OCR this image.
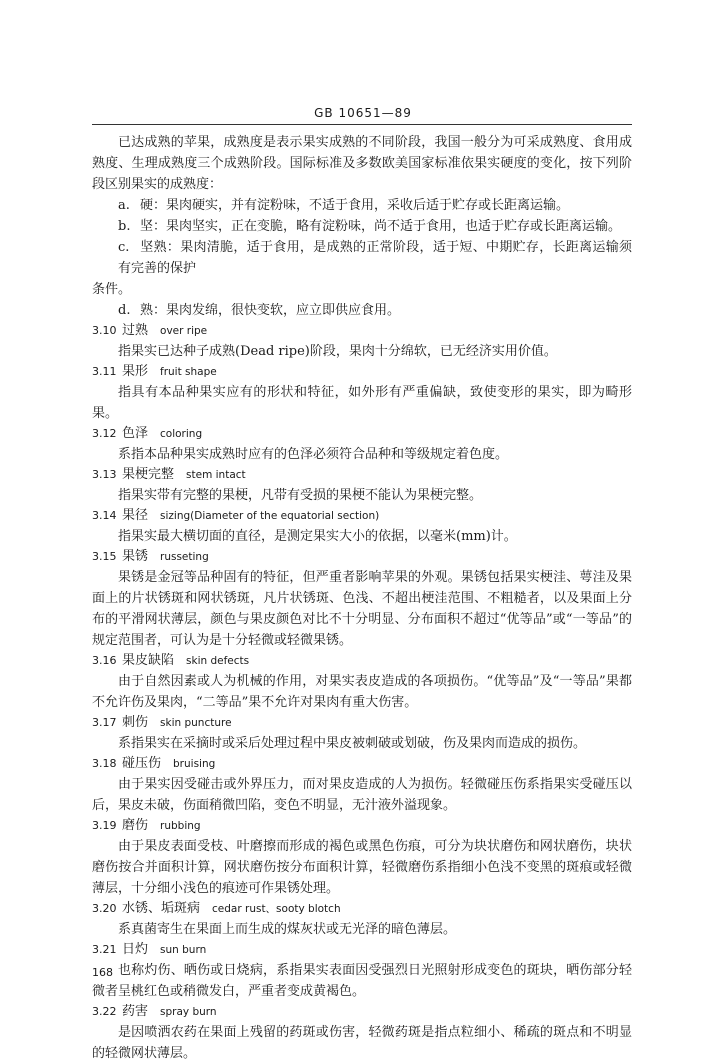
GB 10651—89

已达成熟的苹果，成熟度是表示果实成熟的不同阶段，我国一般分为可采成熟度、食用成熟度、生理成熟度三个成熟阶段。国际标准及多数欧美国家标准依果实硬度的变化，按下列阶段区别果实的成熟度：

a. 硬：果肉硬实，并有淀粉味，不适于食用，采收后适于贮存或长距离运输。

b. 坚：果肉坚实，正在变脆，略有淀粉味，尚不适于食用，也适于贮存或长距离运输。

c. 坚熟：果肉清脆，适于食用，是成熟的正常阶段，适于短、中期贮存，长距离运输须有完善的保护

条件。

d. 熟：果肉发绵，很快变软，应立即供应食用。

3.10 过熟 over ripe

指果实已达种子成熟(Dead ripe)阶段，果肉十分绵软，已无经济实用价值。

3.11 果形 fruit shape

指具有本品种果实应有的形状和特征，如外形有严重偏缺，致使变形的果实，即为畸形果。

3.12 色泽 coloring

系指本品种果实成熟时应有的色泽必须符合品种和等级规定着色度。

3.13 果梗完整 stem intact

指果实带有完整的果梗，凡带有受损的果梗不能认为果梗完整。

3.14 果径 sizing(Diameter of the equatorial section)

指果实最大横切面的直径，是测定果实大小的依据，以毫米(mm)计。

3.15 果锈 russeting

果锈是金冠等品种固有的特征，但严重者影响苹果的外观。果锈包括果实梗洼、萼洼及果面上的片状锈斑和网状锈斑，凡片状锈斑、色浅、不超出梗洼范围、不粗糙者，以及果面上分布的平滑网状薄层，颜色与果皮颜色对比不十分明显、分布面积不超过“优等品”或“一等品”的规定范围者，可认为是十分轻微或轻微果锈。

3.16 果皮缺陷 skin defects

由于自然因素或人为机械的作用，对果实表皮造成的各项损伤。“优等品”及“一等品”果都不允许伤及果肉，“二等品”果不允许对果肉有重大伤害。

3.17 刺伤 skin puncture

系指果实在采摘时或采后处理过程中果皮被刺破或划破，伤及果肉而造成的损伤。

3.18 碰压伤 bruising

由于果实因受碰击或外界压力，而对果皮造成的人为损伤。轻微碰压伤系指果实受碰压以后，果皮未破，伤面稍微凹陷，变色不明显，无汁液外溢现象。

3.19 磨伤 rubbing

由于果皮表面受枝、叶磨擦而形成的褐色或黑色伤痕，可分为块状磨伤和网状磨伤，块状磨伤按合并面积计算，网状磨伤按分布面积计算，轻微磨伤系指细小色浅不变黑的斑痕或轻微薄层，十分细小浅色的痕迹可作果锈处理。

3.20 水锈、垢斑病 cedar rust、sooty blotch

系真菌寄生在果面上而生成的煤灰状或无光泽的暗色薄层。

3.21 日灼 sun burn

也称灼伤、晒伤或日烧病，系指果实表面因受强烈日光照射形成变色的斑块，晒伤部分轻微者呈桃红色或稍微发白，严重者变成黄褐色。

3.22 药害 spray burn

是因喷洒农药在果面上残留的药斑或伤害，轻微药斑是指点粒细小、稀疏的斑点和不明显的轻微网状薄层。

168
